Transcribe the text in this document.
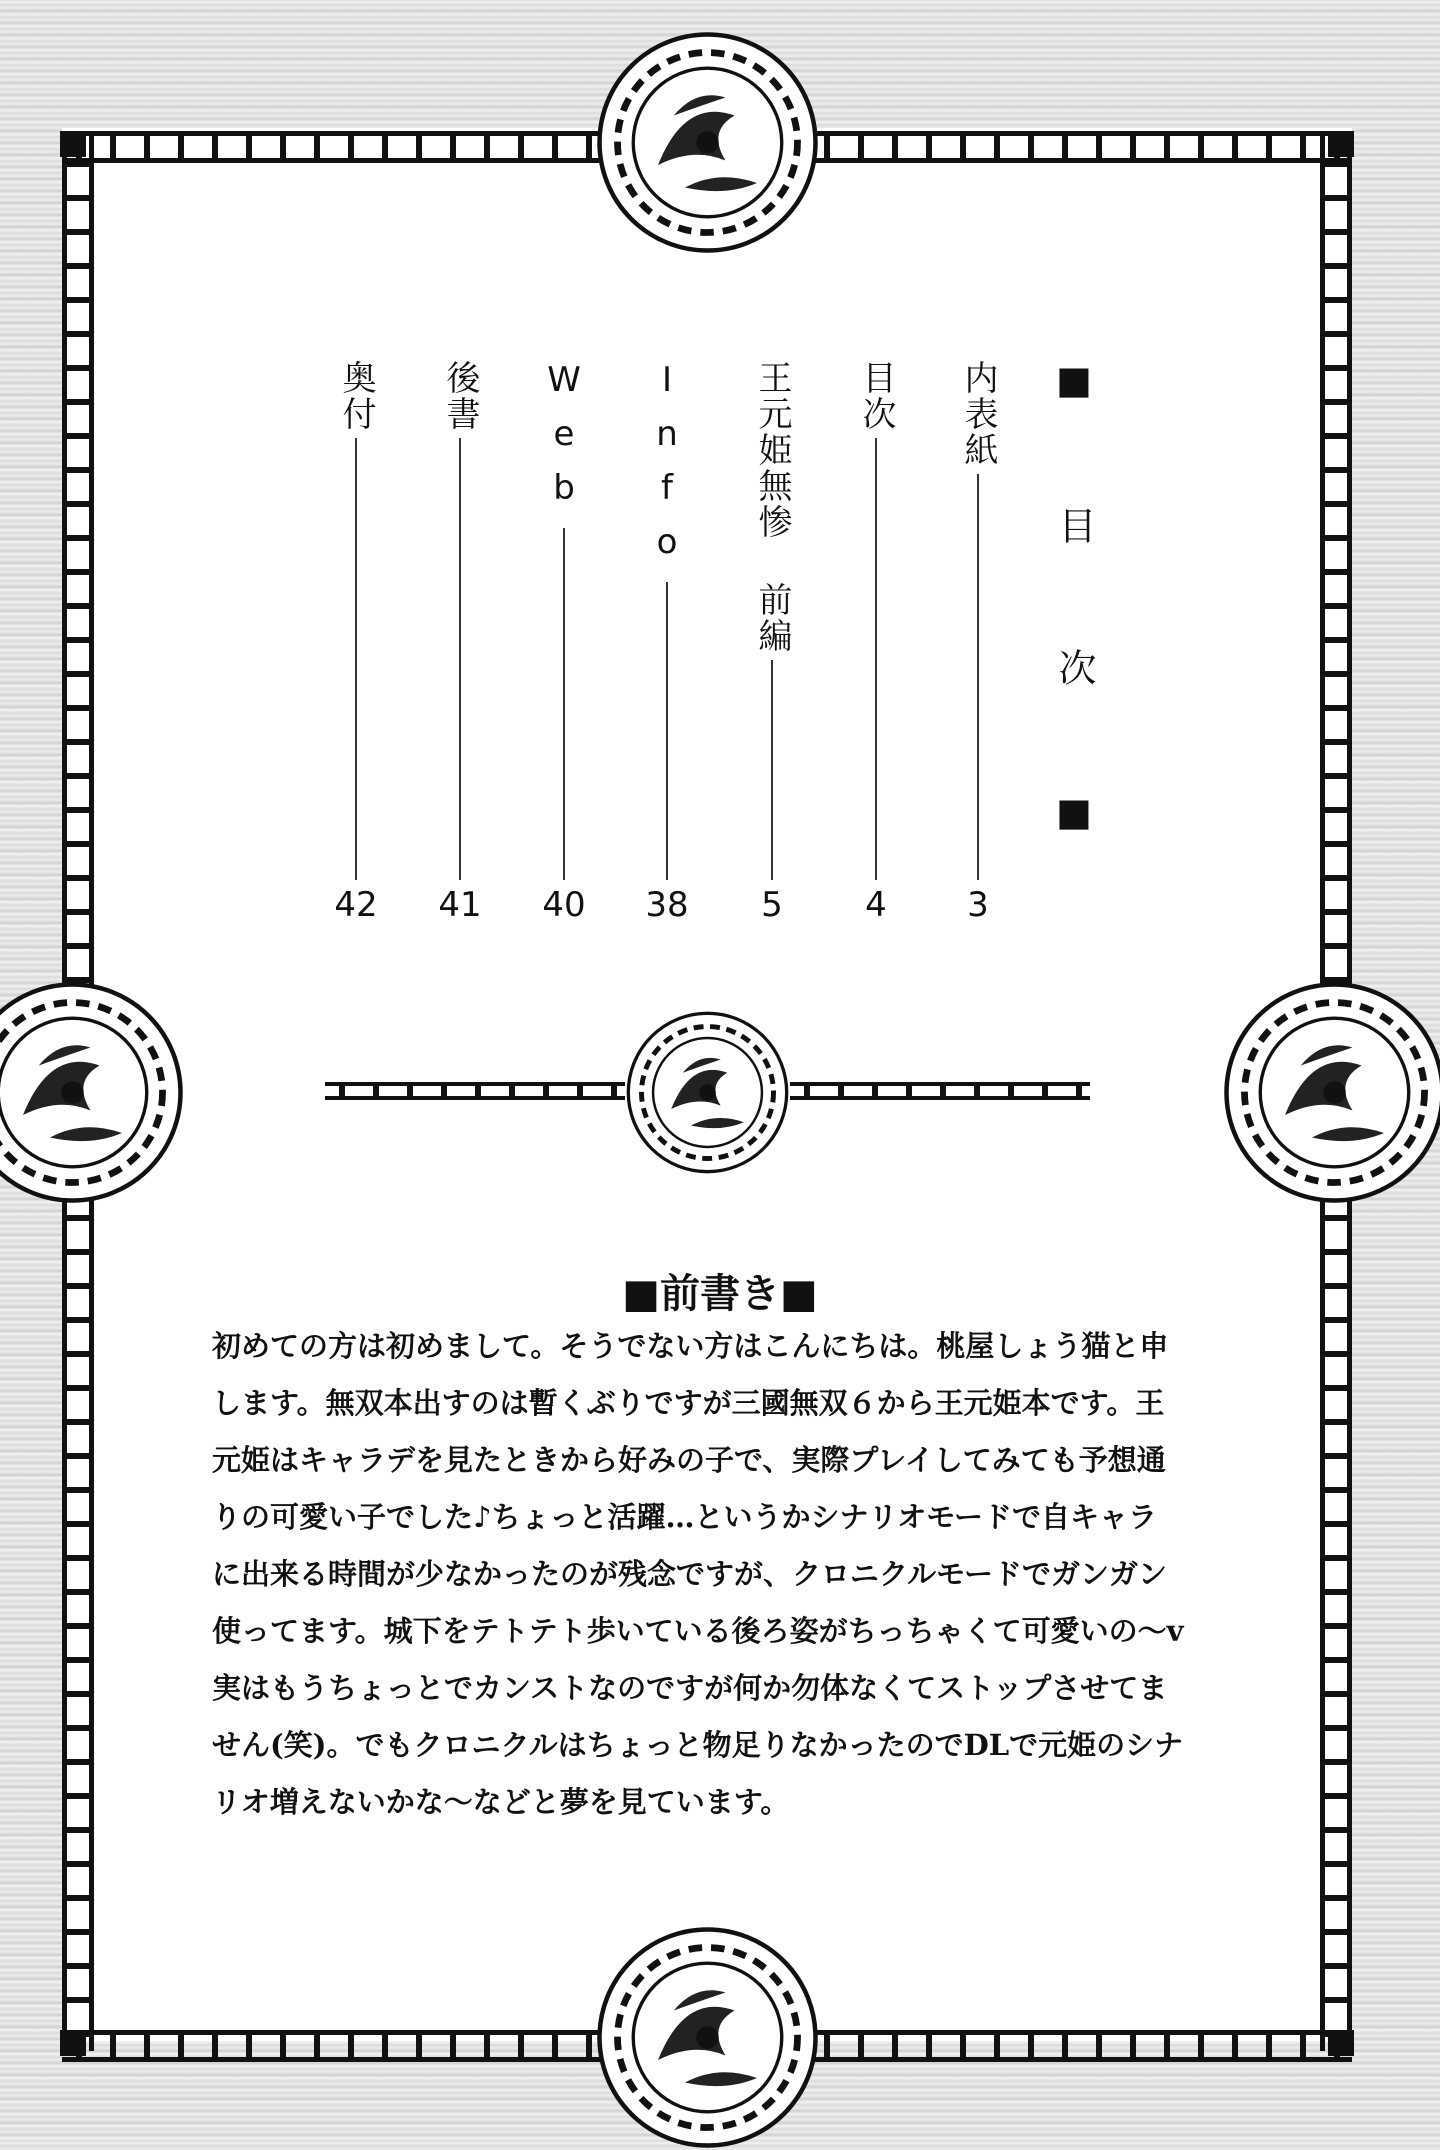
■ 目 次 ■
内表紙
3
目次
4
王元姫無惨 前編
5
Info
38
Web
40
後書
41
奥付
42
■前書き■
初めての方は初めまして。そうでない方はこんにちは。桃屋しょう猫と申
します。無双本出すのは暫くぶりですが三國無双６から王元姫本です。王
元姫はキャラデを見たときから好みの子で、実際プレイしてみても予想通
りの可愛い子でした♪ちょっと活躍…というかシナリオモードで自キャラ
に出来る時間が少なかったのが残念ですが、クロニクルモードでガンガン
使ってます。城下をテトテト歩いている後ろ姿がちっちゃくて可愛いの～v
実はもうちょっとでカンストなのですが何か勿体なくてストップさせてま
せん(笑)。でもクロニクルはちょっと物足りなかったのでDLで元姫のシナ
リオ増えないかな～などと夢を見ています。
